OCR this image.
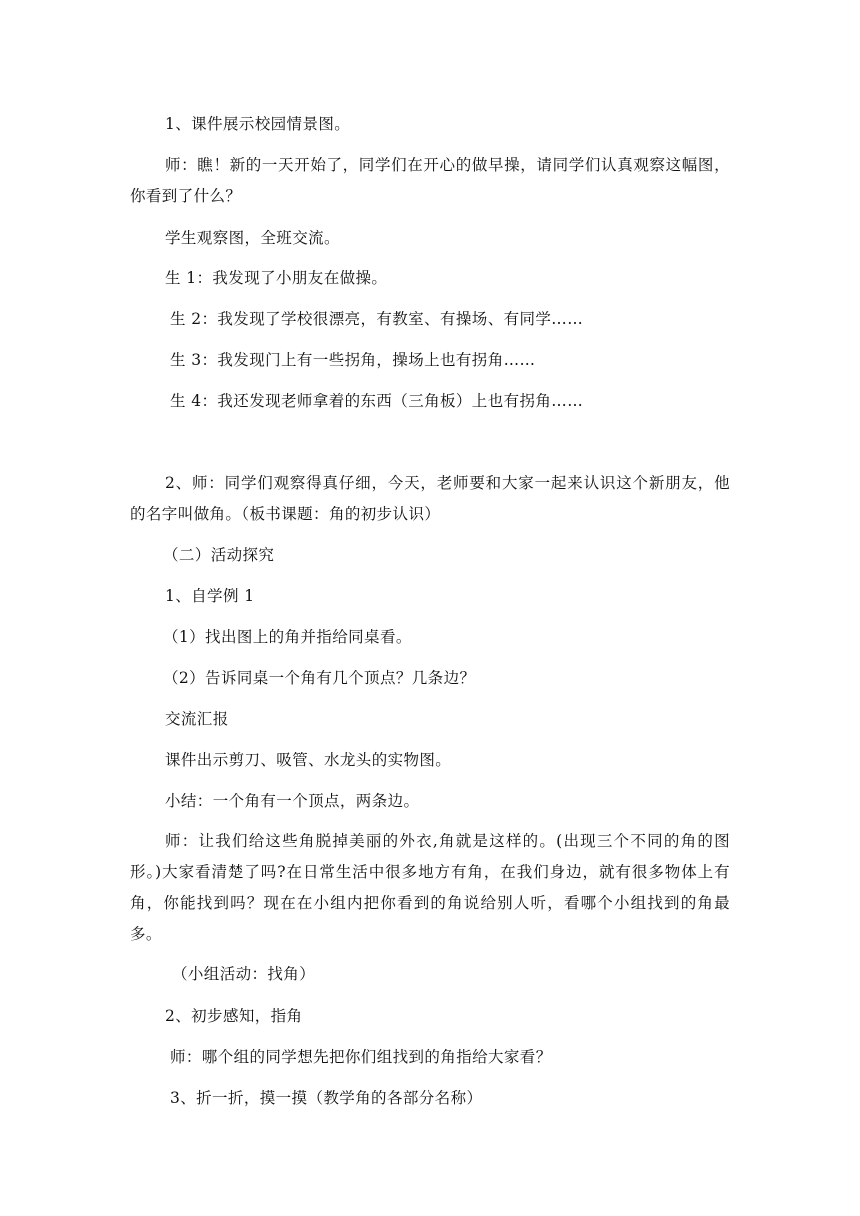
1、课件展示校园情景图。
师：瞧！新的一天开始了，同学们在开心的做早操，请同学们认真观察这幅图，你看到了什么？
学生观察图，全班交流。
生 1：我发现了小朋友在做操。
生 2：我发现了学校很漂亮，有教室、有操场、有同学……
生 3：我发现门上有一些拐角，操场上也有拐角……
生 4：我还发现老师拿着的东西（三角板）上也有拐角……
2、师：同学们观察得真仔细，今天，老师要和大家一起来认识这个新朋友，他的名字叫做角。（板书课题：角的初步认识）
（二）活动探究
1、自学例 1
（1）找出图上的角并指给同桌看。
（2）告诉同桌一个角有几个顶点？几条边？
交流汇报
课件出示剪刀、吸管、水龙头的实物图。
小结：一个角有一个顶点，两条边。
师：让我们给这些角脱掉美丽的外衣,角就是这样的。(出现三个不同的角的图形。)大家看清楚了吗?在日常生活中很多地方有角，在我们身边，就有很多物体上有角，你能找到吗？现在在小组内把你看到的角说给别人听，看哪个小组找到的角最多。
（小组活动：找角）
2、初步感知，指角
师：哪个组的同学想先把你们组找到的角指给大家看？
3、折一折，摸一摸（教学角的各部分名称）
